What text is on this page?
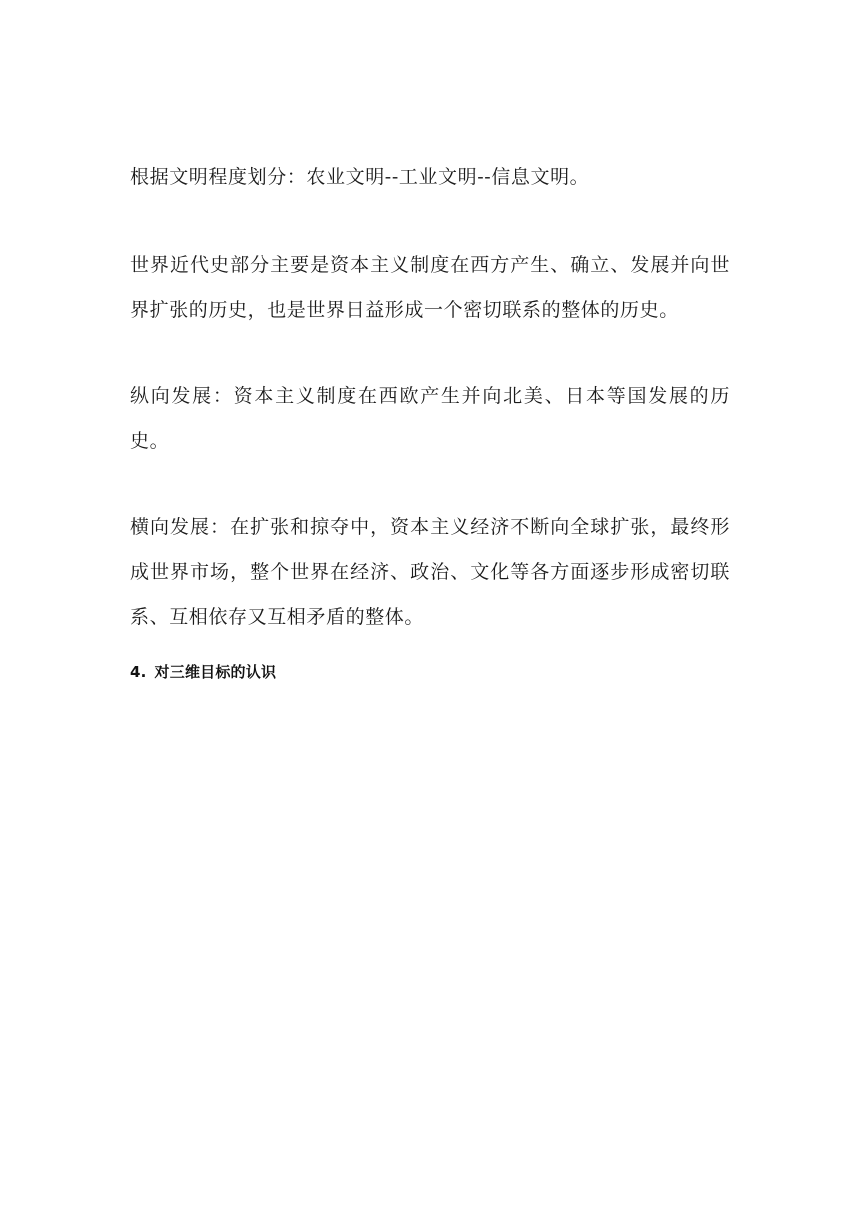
根据文明程度划分：农业文明--工业文明--信息文明。

世界近代史部分主要是资本主义制度在西方产生、确立、发展并向世界扩张的历史，也是世界日益形成一个密切联系的整体的历史。

纵向发展：资本主义制度在西欧产生并向北美、日本等国发展的历史。

横向发展：在扩张和掠夺中，资本主义经济不断向全球扩张，最终形成世界市场，整个世界在经济、政治、文化等各方面逐步形成密切联系、互相依存又互相矛盾的整体。

4. 对三维目标的认识
